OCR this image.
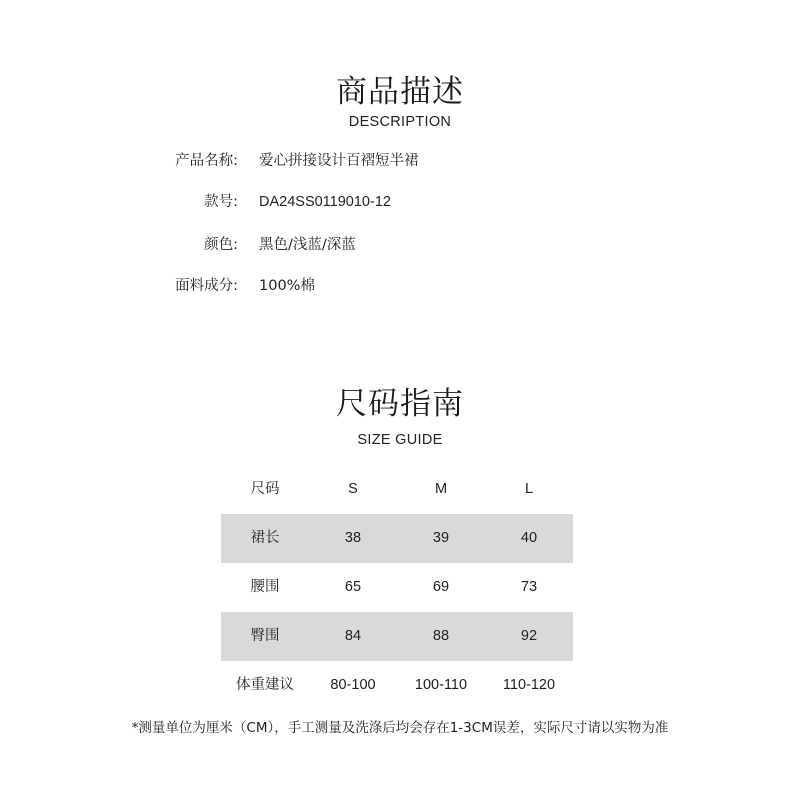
商品描述
DESCRIPTION
产品名称: 爱心拼接设计百褶短半裙
款号: DA24SS0119010-12
颜色: 黑色/浅蓝/深蓝
面料成分: 100%棉
尺码指南
SIZE GUIDE
尺码	S	M	L
裙长	38	39	40
腰围	65	69	73
臀围	84	88	92
体重建议	80-100	100-110	110-120
*测量单位为厘米（CM），手工测量及洗涤后均会存在1-3CM误差，实际尺寸请以实物为准
